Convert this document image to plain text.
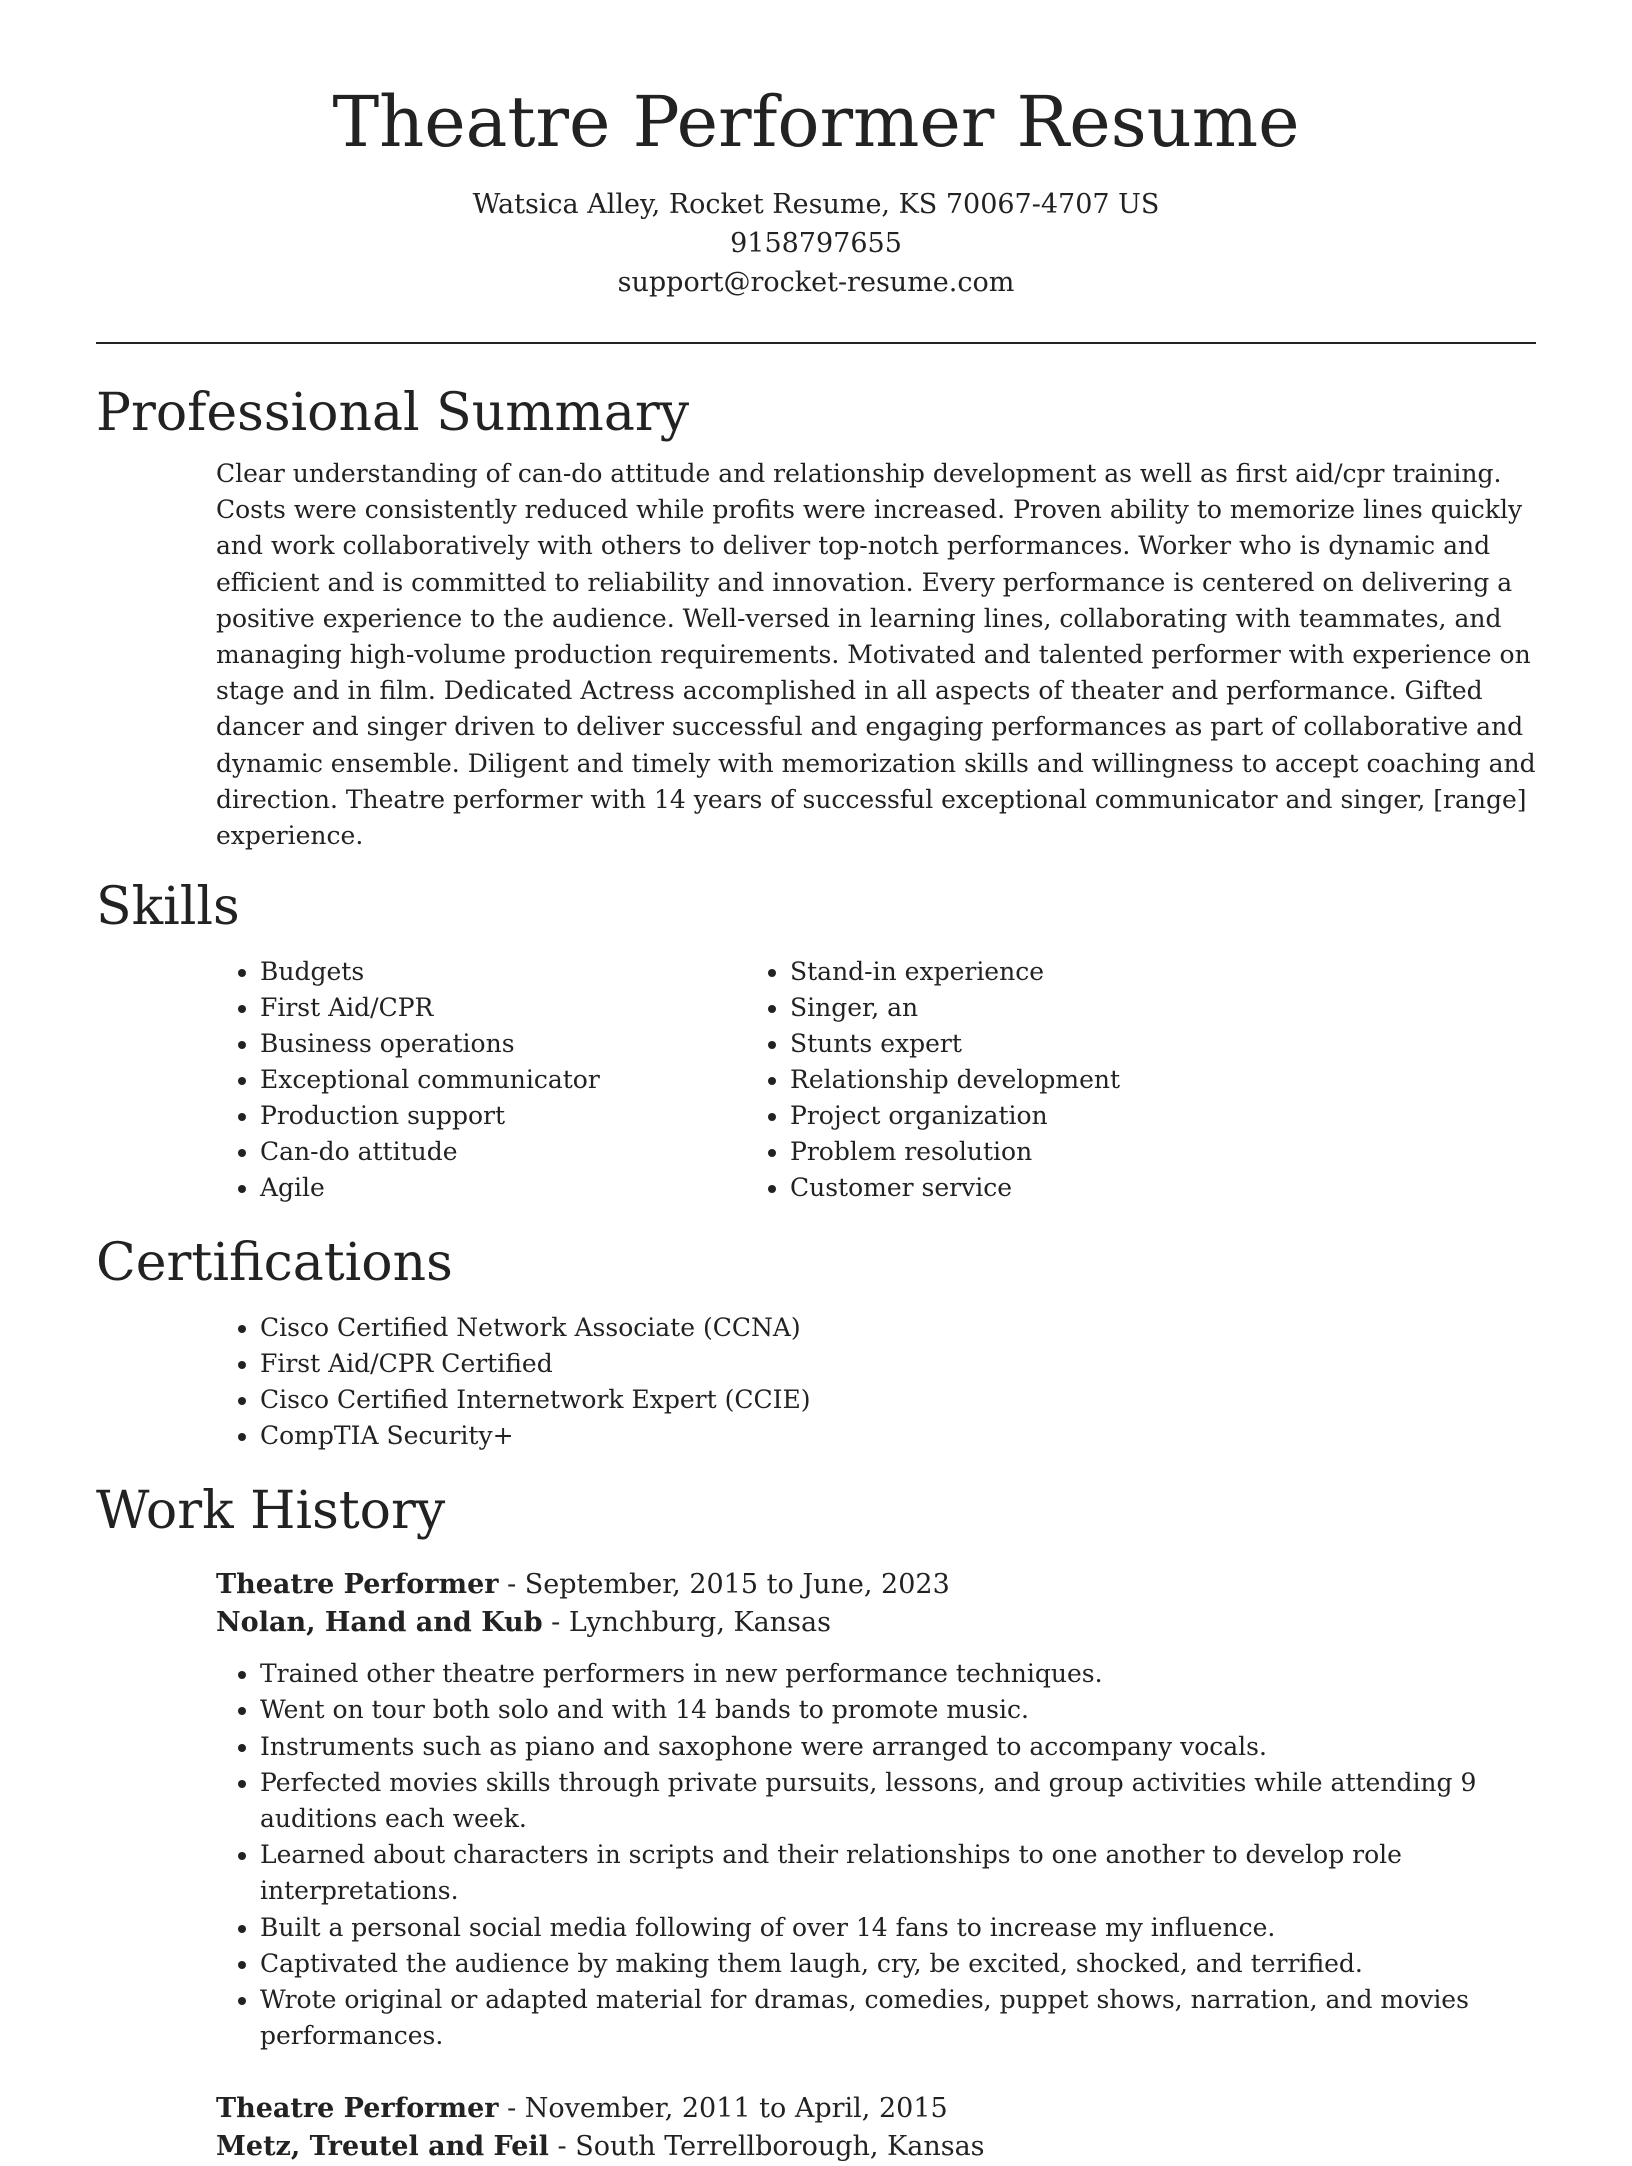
Theatre Performer Resume
Watsica Alley, Rocket Resume, KS 70067-4707 US
9158797655
support@rocket-resume.com
Professional Summary

Clear understanding of can-do attitude and relationship development as well as first aid/cpr training. Costs were consistently reduced while profits were increased. Proven ability to memorize lines quickly and work collaboratively with others to deliver top-notch performances. Worker who is dynamic and efficient and is committed to reliability and innovation. Every performance is centered on delivering a positive experience to the audience. Well-versed in learning lines, collaborating with teammates, and managing high-volume production requirements. Motivated and talented performer with experience on stage and in film. Dedicated Actress accomplished in all aspects of theater and performance. Gifted dancer and singer driven to deliver successful and engaging performances as part of collaborative and dynamic ensemble. Diligent and timely with memorization skills and willingness to accept coaching and direction. Theatre performer with 14 years of successful exceptional communicator and singer, [range] experience.

Skills
• Budgets
• First Aid/CPR
• Business operations
• Exceptional communicator
• Production support
• Can-do attitude
• Agile
• Stand-in experience
• Singer, an
• Stunts expert
• Relationship development
• Project organization
• Problem resolution
• Customer service
Certifications
• Cisco Certified Network Associate (CCNA)
• First Aid/CPR Certified
• Cisco Certified Internetwork Expert (CCIE)
• CompTIA Security+
Work History
Theatre Performer - September, 2015 to June, 2023
Nolan, Hand and Kub - Lynchburg, Kansas
• Trained other theatre performers in new performance techniques.
• Went on tour both solo and with 14 bands to promote music.
• Instruments such as piano and saxophone were arranged to accompany vocals.
• Perfected movies skills through private pursuits, lessons, and group activities while attending 9 auditions each week.
• Learned about characters in scripts and their relationships to one another to develop role interpretations.
• Built a personal social media following of over 14 fans to increase my influence.
• Captivated the audience by making them laugh, cry, be excited, shocked, and terrified.
• Wrote original or adapted material for dramas, comedies, puppet shows, narration, and movies performances.
Theatre Performer - November, 2011 to April, 2015
Metz, Treutel and Feil - South Terrellborough, Kansas
